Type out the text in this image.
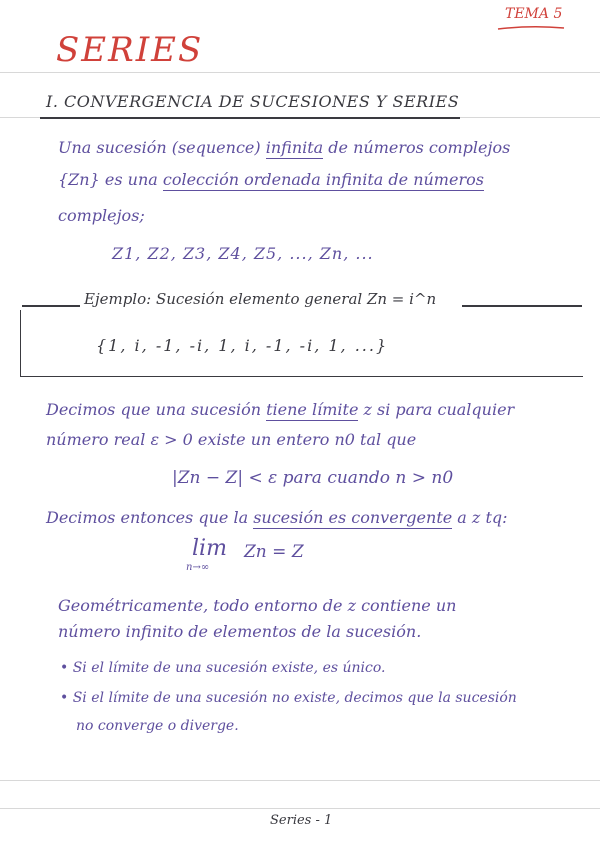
TEMA 5
SERIES
I. CONVERGENCIA DE SUCESIONES Y SERIES
Una sucesión (sequence) infinita de números complejos
{Zn} es una colección ordenada infinita de números
complejos;
Z1, Z2, Z3, Z4, Z5, ..., Zn, ...
Ejemplo: Sucesión elemento general Zn = i^n
{1, i, -1, -i, 1, i, -1, -i, 1, ...}
Decimos que una sucesión tiene límite z si para cualquier
número real ε > 0 existe un entero n0 tal que
|Zn − Z| < ε para cuando n > n0
Decimos entonces que la sucesión es convergente a z tq:
lim
n→∞
Zn = Z
Geométricamente, todo entorno de z contiene un
número infinito de elementos de la sucesión.
• Si el límite de una sucesión existe, es único.
• Si el límite de una sucesión no existe, decimos que la sucesión
no converge o diverge.
Series - 1
